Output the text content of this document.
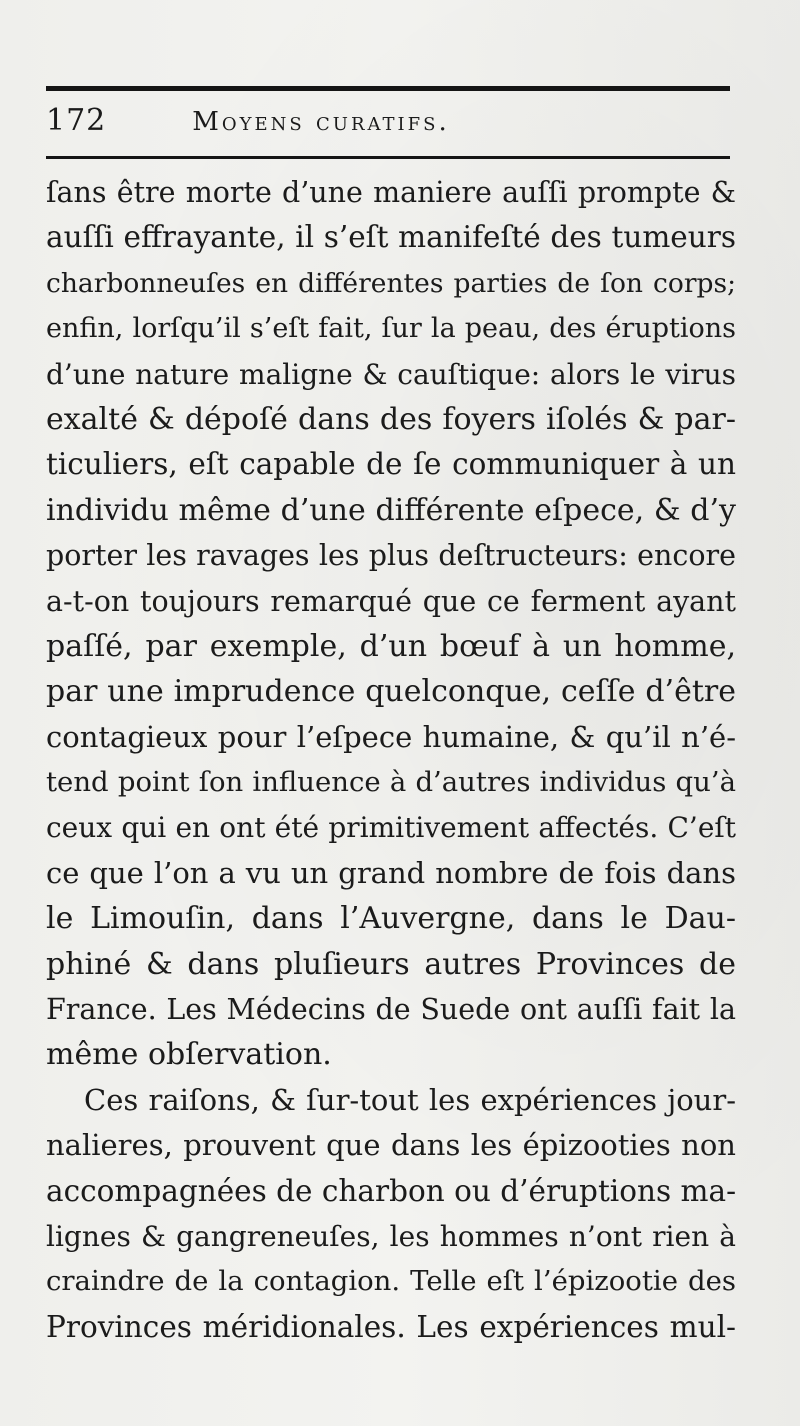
172	Moyens curatifs.
ſans être morte d’une maniere auſſi prompte &
auſſi effrayante, il s’eſt manifeſté des tumeurs
charbonneuſes en différentes parties de ſon corps;
enfin, lorſqu’il s’eſt fait, ſur la peau, des éruptions
d’une nature maligne & cauſtique: alors le virus
exalté & dépoſé dans des foyers iſolés & par-
ticuliers, eſt capable de ſe communiquer à un
individu même d’une différente eſpece, & d’y
porter les ravages les plus deſtructeurs: encore
a-t-on toujours remarqué que ce ferment ayant
paſſé, par exemple, d’un bœuf à un homme,
par une imprudence quelconque, ceſſe d’être
contagieux pour l’eſpece humaine, & qu’il n’é-
tend point ſon influence à d’autres individus qu’à
ceux qui en ont été primitivement affectés. C’eſt
ce que l’on a vu un grand nombre de fois dans
le Limouſin, dans l’Auvergne, dans le Dau-
phiné & dans pluſieurs autres Provinces de
France. Les Médecins de Suede ont auſſi fait la
même obſervation.
Ces raiſons, & ſur-tout les expériences jour-
nalieres, prouvent que dans les épizooties non
accompagnées de charbon ou d’éruptions ma-
lignes & gangreneuſes, les hommes n’ont rien à
craindre de la contagion. Telle eſt l’épizootie des
Provinces méridionales. Les expériences mul-
